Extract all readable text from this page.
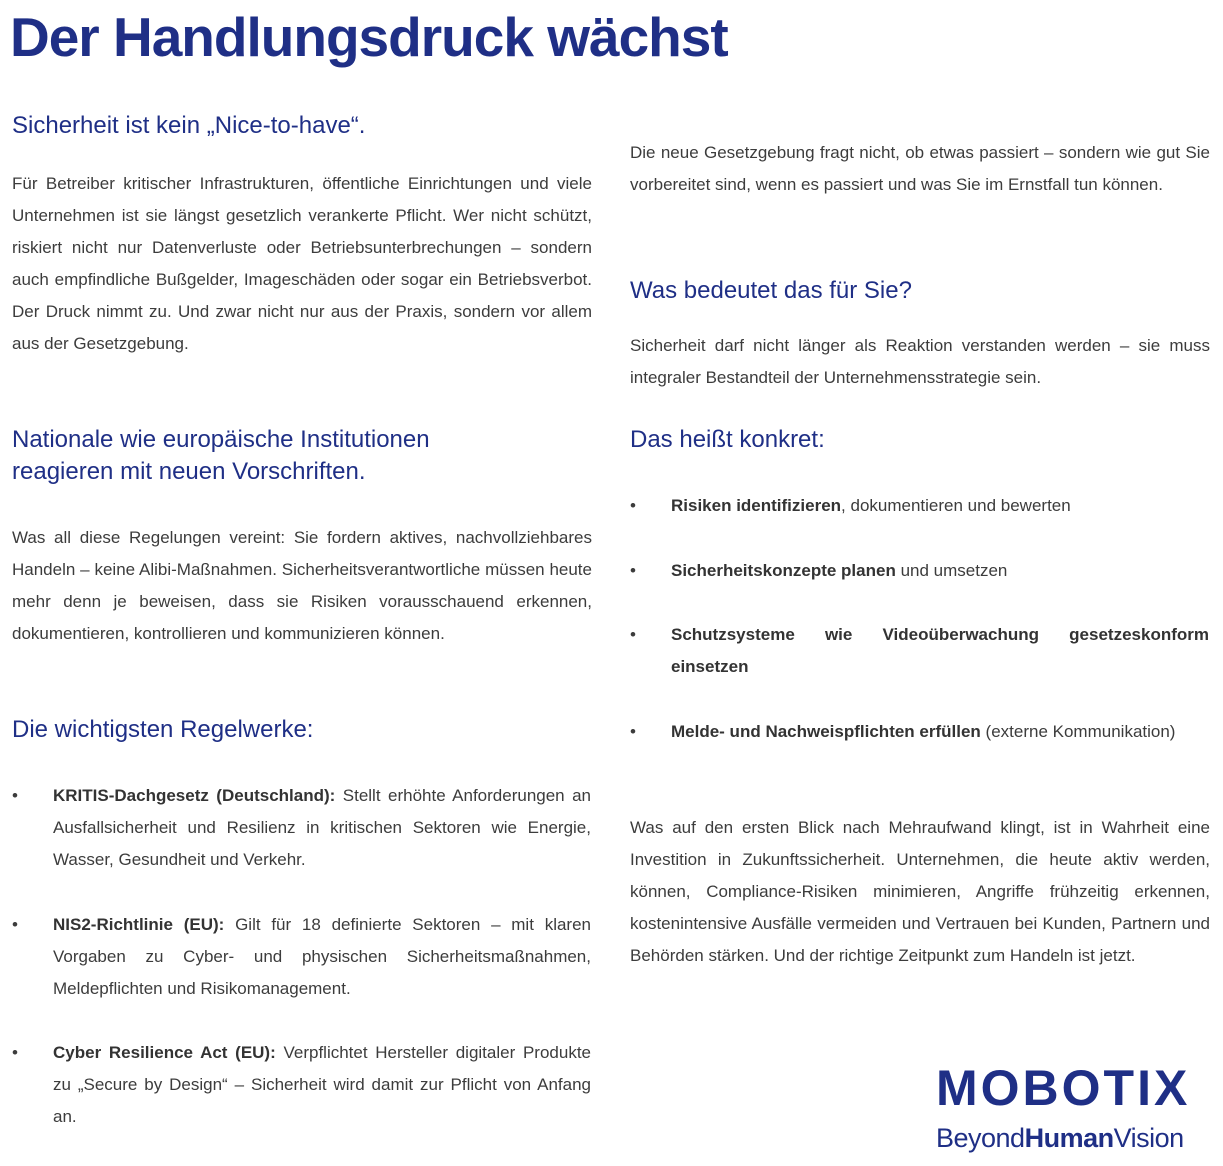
Der Handlungsdruck wächst
Sicherheit ist kein „Nice-to-have“.

Für Betreiber kritischer Infrastrukturen, öffentliche Einrichtungen und viele Unternehmen ist sie längst gesetzlich verankerte Pflicht. Wer nicht schützt, riskiert nicht nur Datenverluste oder Betriebsunterbrechungen – sondern auch empfindliche Bußgelder, Imageschäden oder sogar ein Betriebsverbot. Der Druck nimmt zu. Und zwar nicht nur aus der Praxis, sondern vor allem aus der Gesetzgebung.

Nationale wie europäische Institutionen
reagieren mit neuen Vorschriften.

Was all diese Regelungen vereint: Sie fordern aktives, nachvollziehbares Handeln – keine Alibi-Maßnahmen. Sicherheitsverantwortliche müssen heute mehr denn je beweisen, dass sie Risiken vorausschauend erkennen, dokumentieren, kontrollieren und kommunizieren können.

Die wichtigsten Regelwerke:
• KRITIS-Dachgesetz (Deutschland): Stellt erhöhte Anforderungen an Ausfallsicherheit und Resilienz in kritischen Sektoren wie Energie, Wasser, Gesundheit und Verkehr.

• NIS2-Richtlinie (EU): Gilt für 18 definierte Sektoren – mit klaren Vorgaben zu Cyber- und physischen Sicherheitsmaßnahmen, Meldepflichten und Risikomanagement.

• Cyber Resilience Act (EU): Verpflichtet Hersteller digitaler Produkte zu „Secure by Design“ – Sicherheit wird damit zur Pflicht von Anfang an.

Die neue Gesetzgebung fragt nicht, ob etwas passiert – sondern wie gut Sie vorbereitet sind, wenn es passiert und was Sie im Ernstfall tun können.

Was bedeutet das für Sie?

Sicherheit darf nicht länger als Reaktion verstanden werden – sie muss integraler Bestandteil der Unternehmensstrategie sein.

Das heißt konkret:
• Risiken identifizieren, dokumentieren und bewerten

• Sicherheitskonzepte planen und umsetzen

• Schutzsysteme wie Videoüberwachung gesetzeskonform einsetzen

• Melde- und Nachweispflichten erfüllen (externe Kommunikation)

Was auf den ersten Blick nach Mehraufwand klingt, ist in Wahrheit eine Investition in Zukunftssicherheit. Unternehmen, die heute aktiv werden, können, Compliance-Risiken minimieren, Angriffe frühzeitig erkennen, kostenintensive Ausfälle vermeiden und Vertrauen bei Kunden, Partnern und Behörden stärken. Und der richtige Zeitpunkt zum Handeln ist jetzt.

MOBOTIX
BeyondHumanVision
